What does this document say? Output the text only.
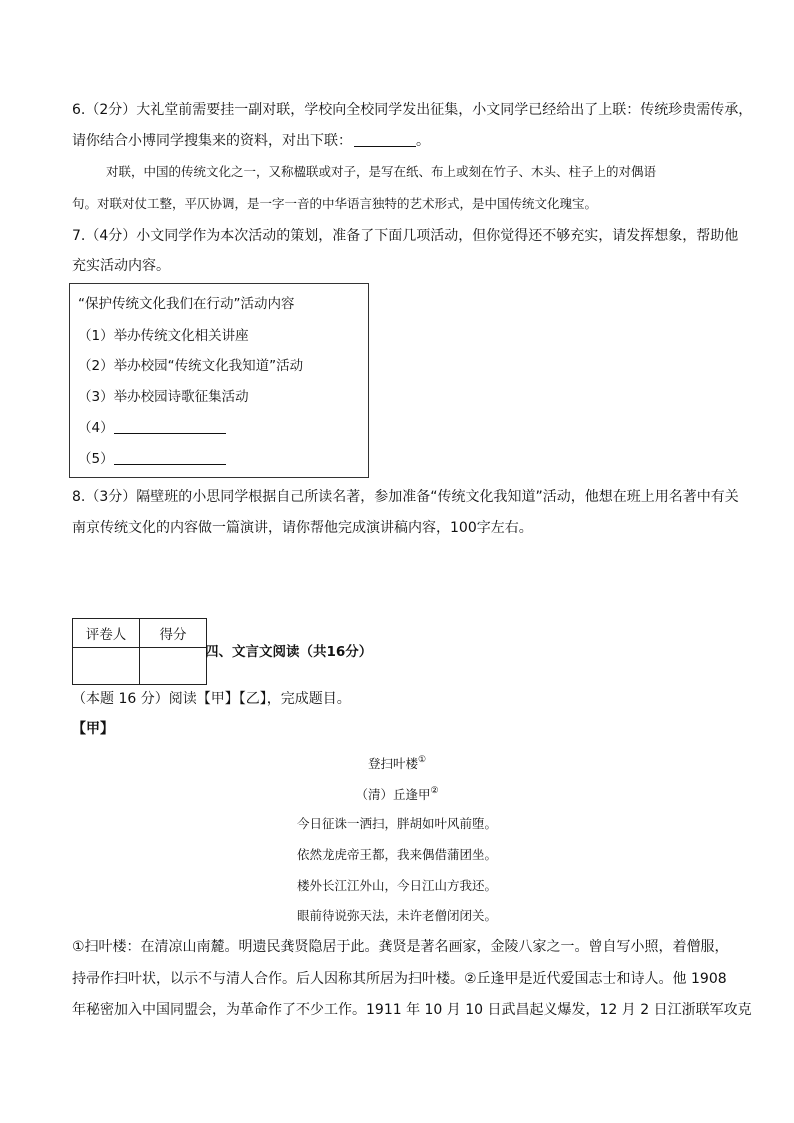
6.（2分）大礼堂前需要挂一副对联，学校向全校同学发出征集，小文同学已经给出了上联：传统珍贵需传承，
请你结合小博同学搜集来的资料，对出下联：	。
对联，中国的传统文化之一，又称楹联或对子，是写在纸、布上或刻在竹子、木头、柱子上的对偶语
句。对联对仗工整，平仄协调，是一字一音的中华语言独特的艺术形式，是中国传统文化瑰宝。
7.（4分）小文同学作为本次活动的策划，准备了下面几项活动，但你觉得还不够充实，请发挥想象，帮助他
充实活动内容。
“保护传统文化我们在行动”活动内容
（1）举办传统文化相关讲座
（2）举办校园“传统文化我知道”活动
（3）举办校园诗歌征集活动
（4）
（5）
8.（3分）隔壁班的小思同学根据自己所读名著，参加准备“传统文化我知道”活动，他想在班上用名著中有关
南京传统文化的内容做一篇演讲，请你帮他完成演讲稿内容，100字左右。
评卷人	得分

四、文言文阅读（共16分）
（本题 16 分）阅读【甲】【乙】，完成题目。
【甲】
登扫叶楼①
（清）丘逢甲②
今日征诛一洒扫，胖胡如叶风前堕。
依然龙虎帝王都，我来偶借蒲团坐。
楼外长江江外山，今日江山方我还。
眼前待说弥天法，未许老僧闭闭关。
①扫叶楼：在清凉山南麓。明遗民龚贤隐居于此。龚贤是著名画家，金陵八家之一。曾自写小照，着僧服，
持帚作扫叶状，以示不与清人合作。后人因称其所居为扫叶楼。②丘逢甲是近代爱国志士和诗人。他 1908
年秘密加入中国同盟会，为革命作了不少工作。1911 年 10 月 10 日武昌起义爆发，12 月 2 日江浙联军攻克
